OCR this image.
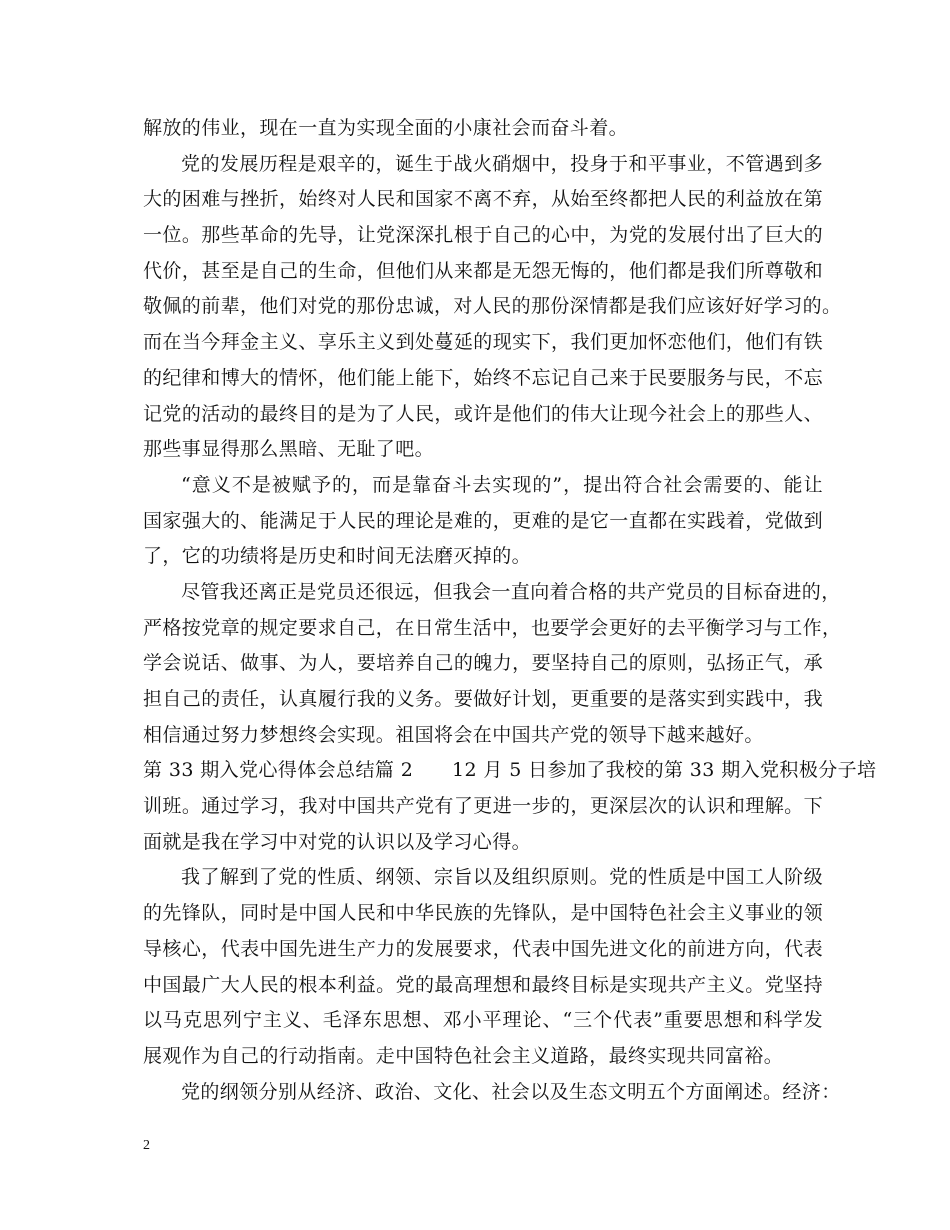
解放的伟业，现在一直为实现全面的小康社会而奋斗着。
党的发展历程是艰辛的，诞生于战火硝烟中，投身于和平事业，不管遇到多
大的困难与挫折，始终对人民和国家不离不弃，从始至终都把人民的利益放在第
一位。那些革命的先导，让党深深扎根于自己的心中，为党的发展付出了巨大的
代价，甚至是自己的生命，但他们从来都是无怨无悔的，他们都是我们所尊敬和
敬佩的前辈，他们对党的那份忠诚，对人民的那份深情都是我们应该好好学习的。
而在当今拜金主义、享乐主义到处蔓延的现实下，我们更加怀恋他们，他们有铁
的纪律和博大的情怀，他们能上能下，始终不忘记自己来于民要服务与民，不忘
记党的活动的最终目的是为了人民，或许是他们的伟大让现今社会上的那些人、
那些事显得那么黑暗、无耻了吧。
“意义不是被赋予的，而是靠奋斗去实现的”，提出符合社会需要的、能让
国家强大的、能满足于人民的理论是难的，更难的是它一直都在实践着，党做到
了，它的功绩将是历史和时间无法磨灭掉的。
尽管我还离正是党员还很远，但我会一直向着合格的共产党员的目标奋进的，
严格按党章的规定要求自己，在日常生活中，也要学会更好的去平衡学习与工作，
学会说话、做事、为人，要培养自己的魄力，要坚持自己的原则，弘扬正气，承
担自己的责任，认真履行我的义务。要做好计划，更重要的是落实到实践中，我
相信通过努力梦想终会实现。祖国将会在中国共产党的领导下越来越好。
第 33 期入党心得体会总结篇 2　　12 月 5 日参加了我校的第 33 期入党积极分子培
训班。通过学习，我对中国共产党有了更进一步的，更深层次的认识和理解。下
面就是我在学习中对党的认识以及学习心得。
我了解到了党的性质、纲领、宗旨以及组织原则。党的性质是中国工人阶级
的先锋队，同时是中国人民和中华民族的先锋队，是中国特色社会主义事业的领
导核心，代表中国先进生产力的发展要求，代表中国先进文化的前进方向，代表
中国最广大人民的根本利益。党的最高理想和最终目标是实现共产主义。党坚持
以马克思列宁主义、毛泽东思想、邓小平理论、“三个代表”重要思想和科学发
展观作为自己的行动指南。走中国特色社会主义道路，最终实现共同富裕。
党的纲领分别从经济、政治、文化、社会以及生态文明五个方面阐述。经济：
2
